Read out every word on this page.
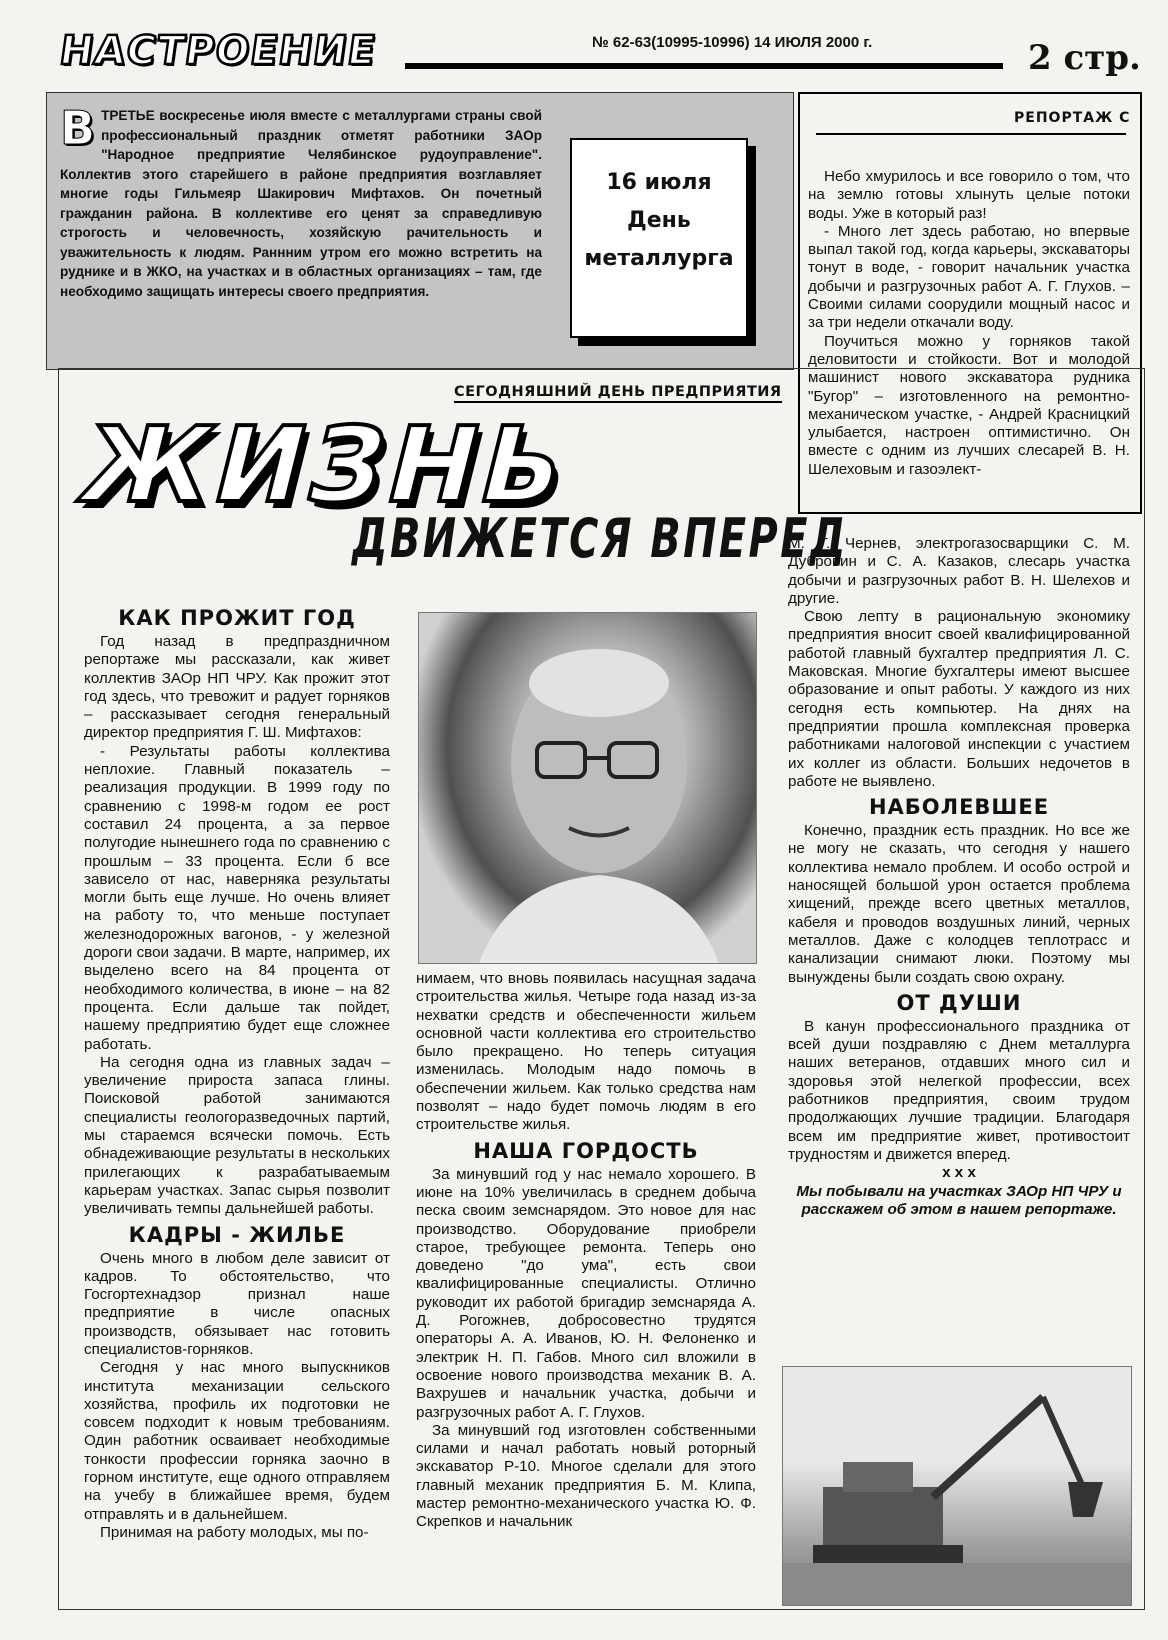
НАСТРОЕНИЕ	№ 62-63(10995-10996) 14 ИЮЛЯ 2000 г.	2 стр.
ВТРЕТЬЕ воскресенье июля вместе с металлургами страны свой профессиональный праздник отметят работники ЗАОр "Народное предприятие Челябинское рудоуправление". Коллектив этого старейшего в районе предприятия возглавляет многие годы Гильмеяр Шакирович Мифтахов. Он почетный гражданин района. В коллективе его ценят за справедливую строгость и человечность, хозяйскую рачительность и уважительность к людям. Раннним утром его можно встретить на руднике и в ЖКО, на участках и в областных организациях – там, где необходимо защищать интересы своего предприятия.
16 июля
День
металлурга
РЕПОРТАЖ С

Небо хмурилось и все говорило о том, что на землю готовы хлынуть целые потоки воды. Уже в который раз!

- Много лет здесь работаю, но впервые выпал такой год, когда карьеры, экскаваторы тонут в воде, - говорит начальник участка добычи и разгрузочных работ А. Г. Глухов. – Своими силами соорудили мощный насос и за три недели откачали воду.

Поучиться можно у горняков такой деловитости и стойкости. Вот и молодой машинист нового экскаватора рудника "Бугор" – изготовленного на ремонтно-механическом участке, - Андрей Красницкий улыбается, настроен оптимистично. Он вместе с одним из лучших слесарей В. Н. Шелеховым и газоэлект-

СЕГОДНЯШНИЙ ДЕНЬ ПРЕДПРИЯТИЯ
ЖИЗНЬ
ДВИЖЕТСЯ ВПЕРЕД
КАК ПРОЖИТ ГОД

Год назад в предпраздничном репортаже мы рассказали, как живет коллектив ЗАОр НП ЧРУ. Как прожит этот год здесь, что тревожит и радует горняков – рассказывает сегодня генеральный директор предприятия Г. Ш. Мифтахов:

- Результаты работы коллектива неплохие. Главный показатель – реализация продукции. В 1999 году по сравнению с 1998-м годом ее рост составил 24 процента, а за первое полугодие нынешнего года по сравнению с прошлым – 33 процента. Если б все зависело от нас, наверняка результаты могли быть еще лучше. Но очень влияет на работу то, что меньше поступает железнодорожных вагонов, - у железной дороги свои задачи. В марте, например, их выделено всего на 84 процента от необходимого количества, в июне – на 82 процента. Если дальше так пойдет, нашему предприятию будет еще сложнее работать.

На сегодня одна из главных задач – увеличение прироста запаса глины. Поисковой работой занимаются специалисты геологоразведочных партий, мы стараемся всячески помочь. Есть обнадеживающие результаты в нескольких прилегающих к разрабатываемым карьерам участках. Запас сырья позволит увеличивать темпы дальнейшей работы.

КАДРЫ - ЖИЛЬЕ

Очень много в любом деле зависит от кадров. То обстоятельство, что Госгортехнадзор признал наше предприятие в числе опасных производств, обязывает нас готовить специалистов-горняков.

Сегодня у нас много выпускников института механизации сельского хозяйства, профиль их подготовки не совсем подходит к новым требованиям. Один работник осваивает необходимые тонкости профессии горняка заочно в горном институте, еще одного отправляем на учебу в ближайшее время, будем отправлять и в дальнейшем.

Принимая на работу молодых, мы по-

нимаем, что вновь появилась насущная задача строительства жилья. Четыре года назад из-за нехватки средств и обеспеченности жильем основной части коллектива его строительство было прекращено. Но теперь ситуация изменилась. Молодым надо помочь в обеспечении жильем. Как только средства нам позволят – надо будет помочь людям в его строительстве жилья.

НАША ГОРДОСТЬ

За минувший год у нас немало хорошего. В июне на 10% увеличилась в среднем добыча песка своим земснарядом. Это новое для нас производство. Оборудование приобрели старое, требующее ремонта. Теперь оно доведено "до ума", есть свои квалифицированные специалисты. Отлично руководит их работой бригадир земснаряда А. Д. Рогожнев, добросовестно трудятся операторы А. А. Иванов, Ю. Н. Фелоненко и электрик Н. П. Габов. Много сил вложили в освоение нового производства механик В. А. Вахрушев и начальник участка, добычи и разгрузочных работ А. Г. Глухов.

За минувший год изготовлен собственными силами и начал работать новый роторный экскаватор Р-10. Многое сделали для этого главный механик предприятия Б. М. Клипа, мастер ремонтно-механического участка Ю. Ф. Скрепков и начальник

М. Г. Чернев, электрогазосварщики С. М. Дубровин и С. А. Казаков, слесарь участка добычи и разгрузочных работ В. Н. Шелехов и другие.

Свою лепту в рациональную экономику предприятия вносит своей квалифицированной работой главный бухгалтер предприятия Л. С. Маковская. Многие бухгалтеры имеют высшее образование и опыт работы. У каждого из них сегодня есть компьютер. На днях на предприятии прошла комплексная проверка работниками налоговой инспекции с участием их коллег из области. Больших недочетов в работе не выявлено.

НАБОЛЕВШЕЕ

Конечно, праздник есть праздник. Но все же не могу не сказать, что сегодня у нашего коллектива немало проблем. И особо острой и наносящей большой урон остается проблема хищений, прежде всего цветных металлов, кабеля и проводов воздушных линий, черных металлов. Даже с колодцев теплотрасс и канализации снимают люки. Поэтому мы вынуждены были создать свою охрану.

ОТ ДУШИ

В канун профессионального праздника от всей души поздравляю с Днем металлурга наших ветеранов, отдавших много сил и здоровья этой нелегкой профессии, всех работников предприятия, своим трудом продолжающих лучшие традиции. Благодаря всем им предприятие живет, противостоит трудностям и движется вперед.

x x x
Мы побывали на участках ЗАОр НП ЧРУ и расскажем об этом в нашем репортаже.
